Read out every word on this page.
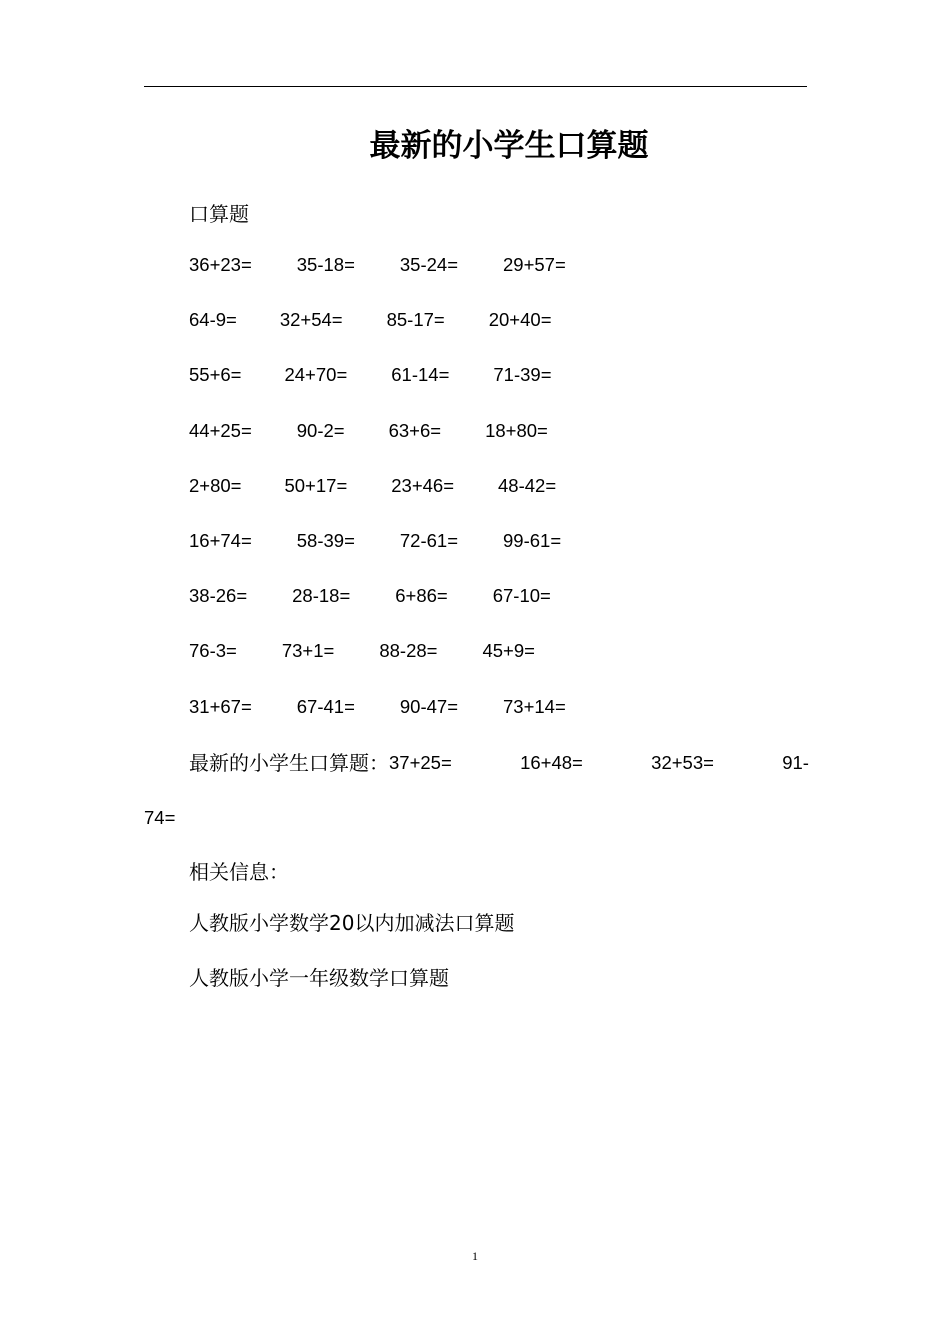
最新的小学生口算题
口算题
36+23= 35-18= 35-24= 29+57=
64-9= 32+54= 85-17= 20+40=
55+6= 24+70= 61-14= 71-39=
44+25= 90-2= 63+6= 18+80=
2+80= 50+17= 23+46= 48-42=
16+74= 58-39= 72-61= 99-61=
38-26= 28-18= 6+86= 67-10=
76-3= 73+1= 88-28= 45+9=
31+67= 67-41= 90-47= 73+14=
最新的小学生口算题： 37+25=	16+48=	32+53=	91-
74=
相关信息：
人教版小学数学20以内加减法口算题
人教版小学一年级数学口算题
1
